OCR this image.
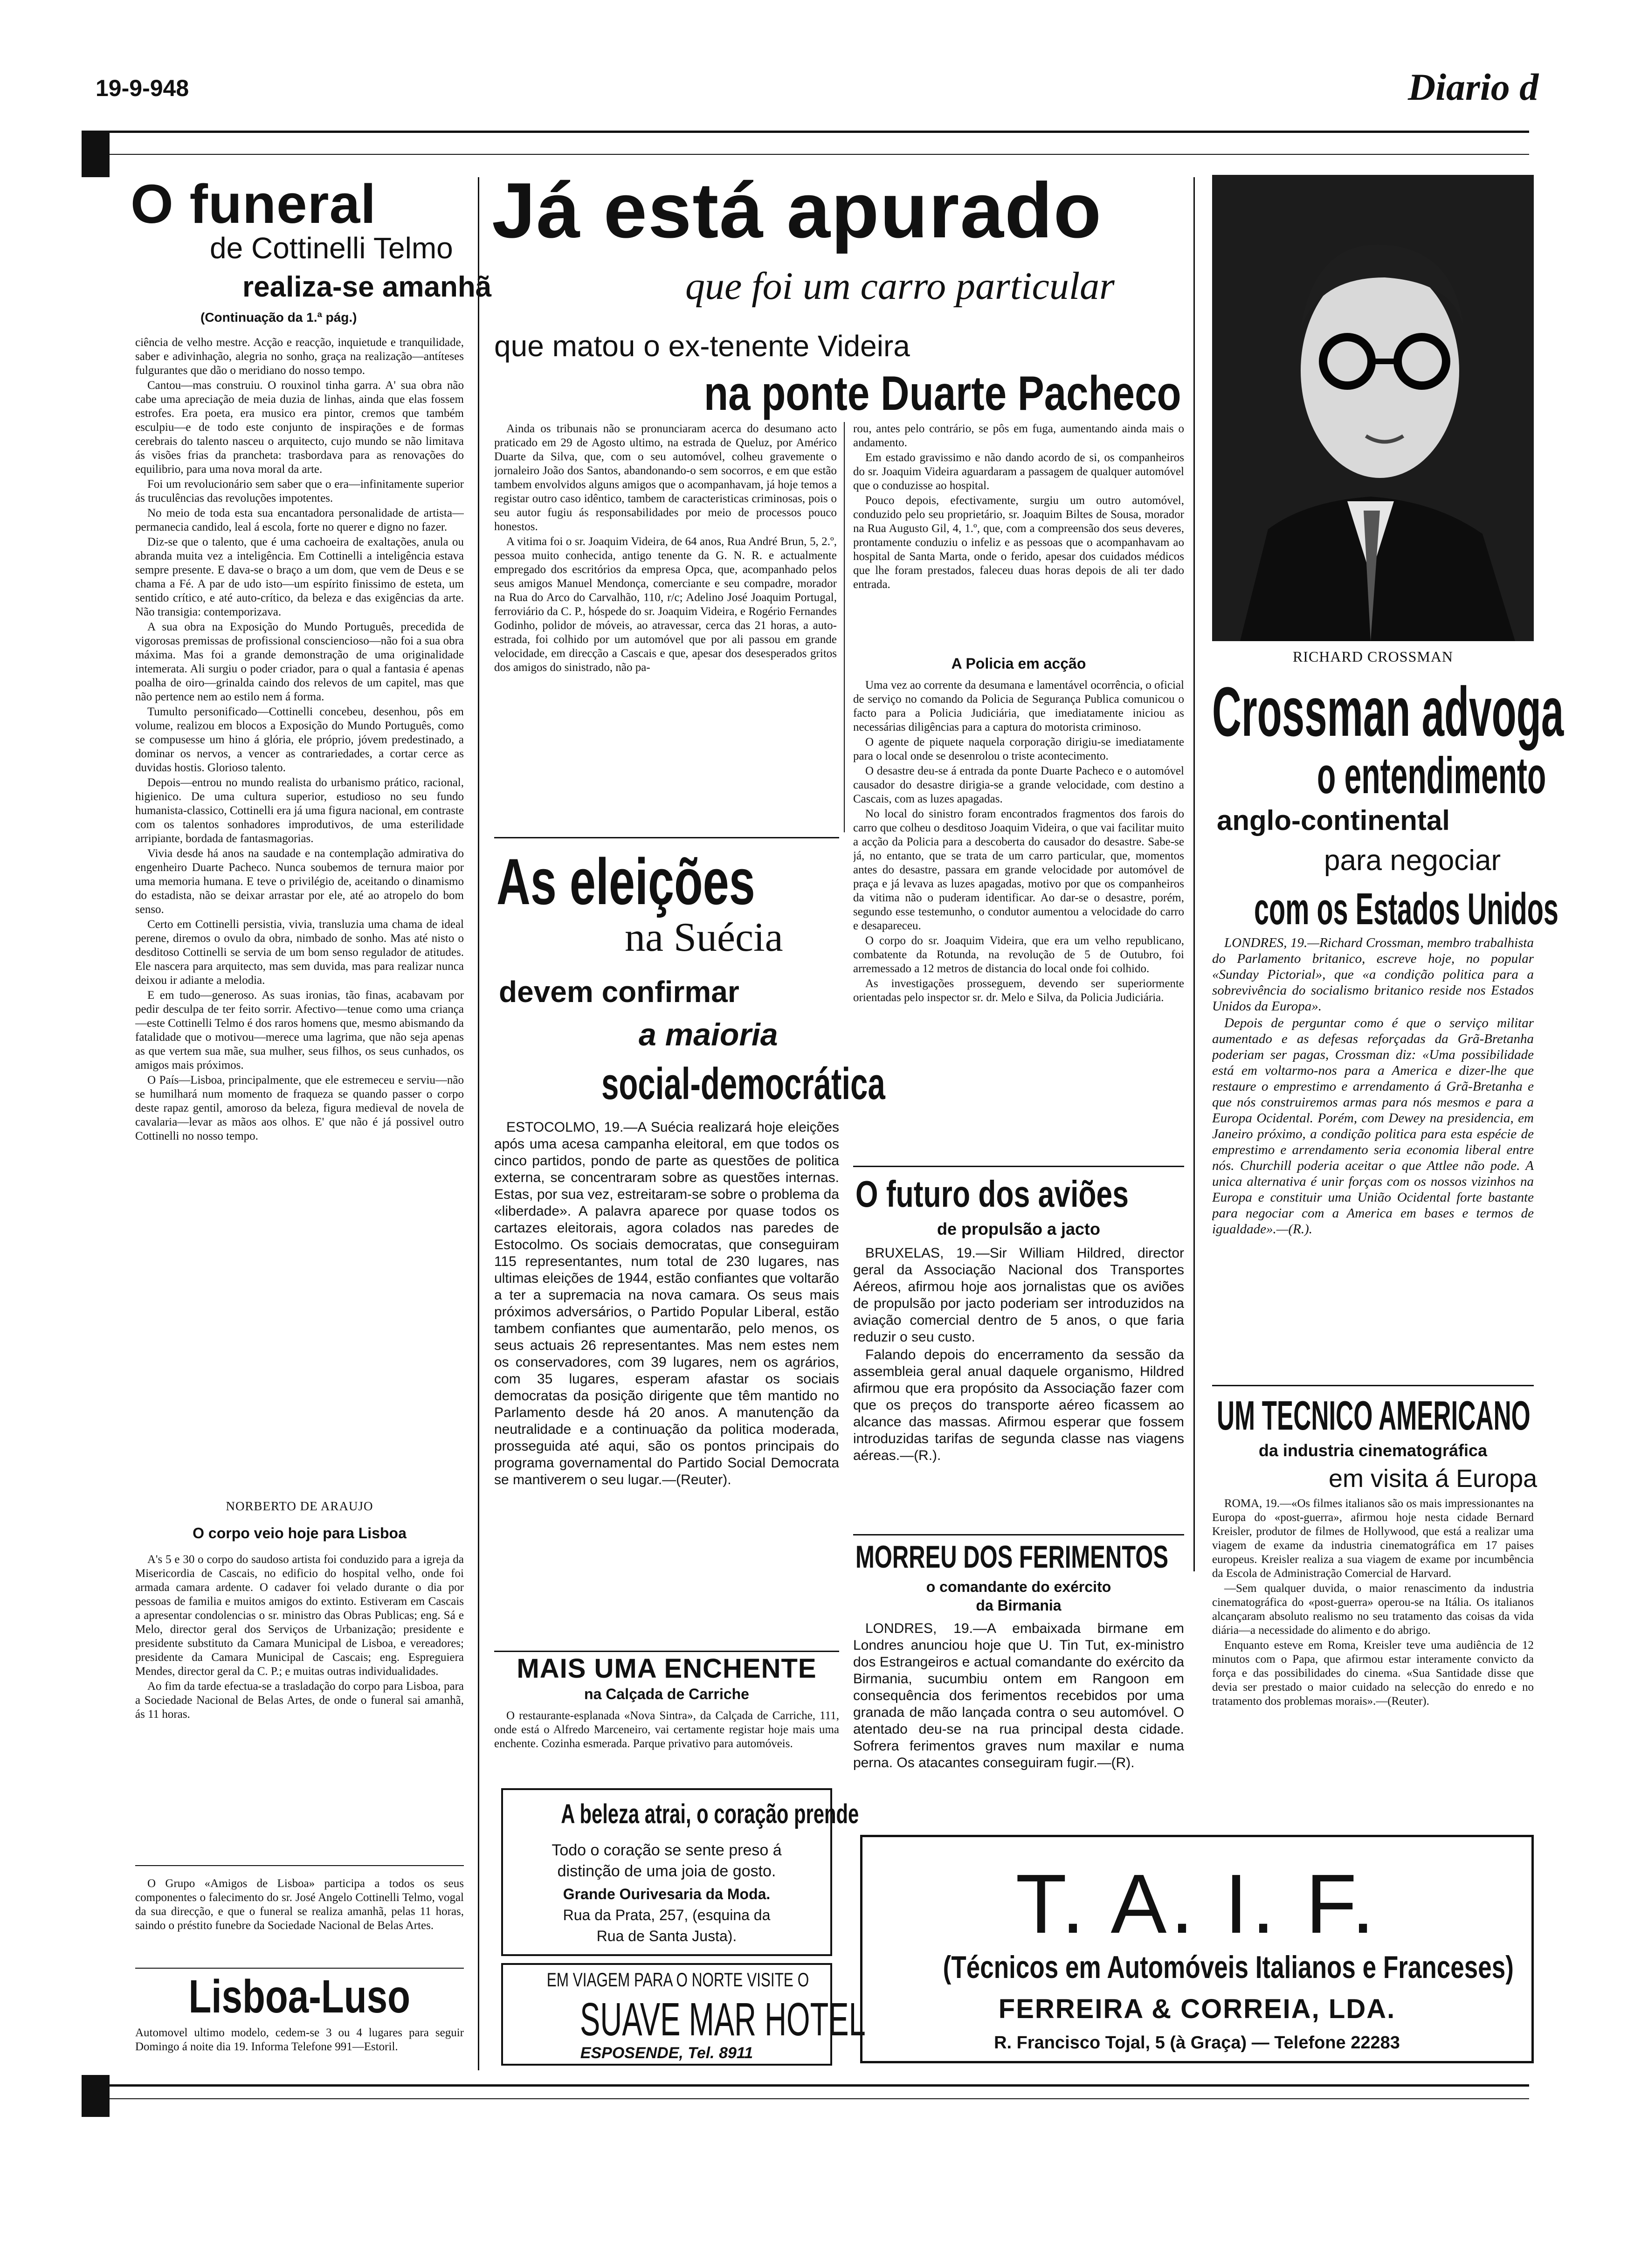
19-9-948	Diario d
O funeral
de Cottinelli Telmo
realiza-se amanhã
(Continuação da 1.ª pág.)

ciência de velho mestre. Acção e reacção, inquietude e tranquilidade, saber e adivinhação, alegria no sonho, graça na realização—antíteses fulgurantes que dão o meridiano do nosso tempo.

Cantou—mas construiu. O rouxinol tinha garra. A' sua obra não cabe uma apreciação de meia duzia de linhas, ainda que elas fossem estrofes. Era poeta, era musico era pintor, cremos que também esculpiu—e de todo este conjunto de inspirações e de formas cerebrais do talento nasceu o arquitecto, cujo mundo se não limitava ás visões frias da prancheta: trasbordava para as renovações do equilibrio, para uma nova moral da arte.

Foi um revolucionário sem saber que o era—infinitamente superior ás truculências das revoluções impotentes.

No meio de toda esta sua encantadora personalidade de artista—permanecia candido, leal á escola, forte no querer e digno no fazer.

Diz-se que o talento, que é uma cachoeira de exaltações, anula ou abranda muita vez a inteligência. Em Cottinelli a inteligência estava sempre presente. E dava-se o braço a um dom, que vem de Deus e se chama a Fé. A par de udo isto—um espírito finissimo de esteta, um sentido crítico, e até auto-crítico, da beleza e das exigências da arte. Não transigia: contemporizava.

A sua obra na Exposição do Mundo Português, precedida de vigorosas premissas de profissional conscienciosо—não foi a sua obra máxima. Mas foi a grande demonstração de uma originalidade intemerata. Ali surgiu o poder criador, para o qual a fantasia é apenas poalha de oiro—grinalda caindo dos relevos de um capitel, mas que não pertence nem ao estilo nem á forma.

Tumulto personificado—Cottinelli concebeu, desenhou, pôs em volume, realizou em blocos a Exposição do Mundo Português, como se compusesse um hino á glória, ele próprio, jóvem predestinado, a dominar os nervos, a vencer as contrariedades, a cortar cerce as duvidas hostis. Glorioso talento.

Depois—entrou no mundo realista do urbanismo prático, racional, higienico. De uma cultura superior, estudioso no seu fundo humanista-classico, Cottinelli era já uma figura nacional, em contraste com os talentos sonhadores improdutivos, de uma esterilidade arripiante, bordada de fantasmagorias.

Vivia desde há anos na saudade e na contemplação admirativa do engenheiro Duarte Pacheco. Nunca soubemos de ternura maior por uma memoria humana. E teve o privilégio de, aceitando o dinamismo do estadista, não se deixar arrastar por ele, até ao atropelo do bom senso.

Certo em Cottinelli persistia, vivia, transluzia uma chama de ideal perene, diremos o ovulo da obra, nimbado de sonho. Mas até nisto o desditoso Cottinelli se servia de um bom senso regulador de atitudes. Ele nascera para arquitecto, mas sem duvida, mas para realizar nunca deixou ir adiante a melodia.

E em tudo—generoso. As suas ironias, tão finas, acabavam por pedir desculpa de ter feito sorrir. Afectivo—tenue como uma criança—este Cottinelli Telmo é dos raros homens que, mesmo abismando da fatalidade que o motivou—merece uma lagrima, que não seja apenas as que vertem sua mãe, sua mulher, seus filhos, os seus cunhados, os amigos mais próximos.

O País—Lisboa, principalmente, que ele estremeceu e serviu—não se humilhará num momento de fraqueza se quando passer o corpo deste rapaz gentil, amoroso da beleza, figura medieval de novela de cavalaria—levar as mãos aos olhos. E' que não é já possivel outro Cottinelli no nosso tempo.

NORBERTO DE ARAUJO
O corpo veio hoje para Lisboa

A's 5 e 30 o corpo do saudoso artista foi conduzido para a igreja da Misericordia de Cascais, no edificio do hospital velho, onde foi armada camara ardente. O cadaver foi velado durante o dia por pessoas de familia e muitos amigos do extinto. Estiveram em Cascais a apresentar condolencias o sr. ministro das Obras Publicas; eng. Sá e Melo, director geral dos Serviços de Urbanização; presidente e presidente substituto da Camara Municipal de Lisboa, e vereadores; presidente da Camara Municipal de Cascais; eng. Espreguiera Mendes, director geral da C. P.; e muitas outras individualidades.

Ao fim da tarde efectua-se a trasladação do corpo para Lisboa, para a Sociedade Nacional de Belas Artes, de onde o funeral sai amanhã, ás 11 horas.

O Grupo «Amigos de Lisboa» participa a todos os seus componentes o falecimento do sr. José Angelo Cottinelli Telmo, vogal da sua direcção, e que o funeral se realiza amanhã, pelas 11 horas, saindo o préstito funebre da Sociedade Nacional de Belas Artes.

Lisboa-Luso
Automovel ultimo modelo, cedem-se 3 ou 4 lugares para seguir Domingo á noite dia 19. Informa Telefone 991—Estoril.
Já está apurado
que foi um carro particular
que matou o ex-tenente Videira
na ponte Duarte Pacheco

Ainda os tribunais não se pronunciaram acerca do desumano acto praticado em 29 de Agosto ultimo, na estrada de Queluz, por Américo Duarte da Silva, que, com o seu automóvel, colheu gravemente o jornaleiro João dos Santos, abandonando-o sem socorros, e em que estão tambem envolvidos alguns amigos que o acompanhavam, já hoje temos a registar outro caso idêntico, tambem de caracteristicas criminosas, pois o seu autor fugiu ás responsabilidades por meio de processos pouco honestos.

A vitima foi o sr. Joaquim Videira, de 64 anos, Rua André Brun, 5, 2.º, pessoa muito conhecida, antigo tenente da G. N. R. e actualmente empregado dos escritórios da empresa Opca, que, acompanhado pelos seus amigos Manuel Mendonça, comerciante e seu compadre, morador na Rua do Arco do Carvalhão, 110, r/c; Adelino José Joaquim Portugal, ferroviário da C. P., hóspede do sr. Joaquim Videira, e Rogério Fernandes Godinho, polidor de móveis, ao atravessar, cerca das 21 horas, a auto-estrada, foi colhido por um automóvel que por ali passou em grande velocidade, em direcção a Cascais e que, apesar dos desesperados gritos dos amigos do sinistrado, não pa-

rou, antes pelo contrário, se pôs em fuga, aumentando ainda mais o andamento.

Em estado gravissimo e não dando acordo de si, os companheiros do sr. Joaquim Videira aguardaram a passagem de qualquer automóvel que o conduzisse ao hospital.

Pouco depois, efectivamente, surgiu um outro automóvel, conduzido pelo seu proprietário, sr. Joaquim Biltes de Sousa, morador na Rua Augusto Gil, 4, 1.º, que, com a compreensão dos seus deveres, prontamente conduziu o infeliz e as pessoas que o acompanhavam ao hospital de Santa Marta, onde o ferido, apesar dos cuidados médicos que lhe foram prestados, faleceu duas horas depois de ali ter dado entrada.

A Policia em acção

Uma vez ao corrente da desumana e lamentável ocorrência, o oficial de serviço no comando da Policia de Segurança Publica comunicou o facto para a Policia Judiciária, que imediatamente iniciou as necessárias diligências para a captura do motorista criminoso.

O agente de piquete naquela corporação dirigiu-se imediatamente para o local onde se desenrolou o triste acontecimento.

O desastre deu-se á entrada da ponte Duarte Pacheco e o automóvel causador do desastre dirigia-se a grande velocidade, com destino a Cascais, com as luzes apagadas.

No local do sinistro foram encontrados fragmentos dos farois do carro que colheu o desditoso Joaquim Videira, o que vai facilitar muito a acção da Policia para a descoberta do causador do desastre. Sabe-se já, no entanto, que se trata de um carro particular, que, momentos antes do desastre, passara em grande velocidade por automóvel de praça e já levava as luzes apagadas, motivo por que os companheiros da vitima não o puderam identificar. Ao dar-se o desastre, porém, segundo esse testemunho, o condutor aumentou a velocidade do carro e desaparecеu.

O corpo do sr. Joaquim Videira, que era um velho republicano, combatente da Rotunda, na revolução de 5 de Outubro, foi arremessado a 12 metros de distancia do local onde foi colhido.

As investigações prosseguem, devendo ser superiormente orientadas pelo inspector sr. dr. Melo e Silva, da Policia Judiciária.

As eleições
na Suécia
devem confirmar
a maioria
social-democrática

ESTOCOLMO, 19.—A Suécia realizará hoje eleições após uma acesa campanha eleitoral, em que todos os cinco partidos, pondo de parte as questões de politica externa, se concentraram sobre as questões internas. Estas, por sua vez, estreitaram-se sobre o problema da «liberdade». A palavra aparece por quase todos os cartazes eleitorais, agora colados nas paredes de Estocolmo. Os sociais democratas, que conseguiram 115 representantes, num total de 230 lugares, nas ultimas eleições de 1944, estão confiantes que voltarão a ter a supremacia na nova camara. Os seus mais próximos adversários, o Partido Popular Liberal, estão tambem confiantes que aumentarão, pelo menos, os seus actuais 26 representantes. Mas nem estes nem os conservadores, com 39 lugares, nem os agrários, com 35 lugares, esperam afastar os sociais democratas da posição dirigente que têm mantido no Parlamento desde há 20 anos. A manutenção da neutralidade e a continuação da politica moderada, prosseguida até aqui, são os pontos principais do programa governamental do Partido Social Democrata se mantiverem o seu lugar.—(Reuter).

MAIS UMA ENCHENTE
na Calçada de Carriche

O restaurante-esplanada «Nova Sintra», da Calçada de Carriche, 111, onde está o Alfredo Marceneiro, vai certamente registar hoje mais uma enchente. Cozinha esmerada. Parque privativo para automóveis.

A beleza atrai, o coração prende
Todo o coração se sente preso á
distinção de uma joia de gosto.
Grande Ourivesaria da Moda.
Rua da Prata, 257, (esquina da
Rua de Santa Justa).
EM VIAGEM PARA O NORTE VISITE O
SUAVE MAR HOTEL
ESPOSENDE, Tel. 8911
O futuro dos aviões
de propulsão a jacto

BRUXELAS, 19.—Sir William Hildred, director geral da Associação Nacional dos Transportes Aéreos, afirmou hoje aos jornalistas que os aviões de propulsão por jacto poderiam ser introduzidos na aviação comercial dentro de 5 anos, o que faria reduzir o seu custo.

Falando depois do encerramento da sessão da assembleia geral anual daquele organismo, Hildred afirmou que era propósito da Associação fazer com que os preços do transporte aéreo ficassem ao alcance das massas. Afirmou esperar que fossem introduzidas tarifas de segunda classe nas viagens aéreas.—(R.).

MORREU DOS FERIMENTOS
o comandante do exército
da Birmania

LONDRES, 19.—A embaixada birmane em Londres anunciou hoje que U. Tin Tut, ex-ministro dos Estrangeiros e actual comandante do exército da Birmania, sucumbiu ontem em Rangoon em consequência dos ferimentos recebidos por uma granada de mão lançada contra o seu automóvel. O atentado deu-se na rua principal desta cidade. Sofrera ferimentos graves num maxilar e numa perna. Os atacantes conseguiram fugir.—(R).

RICHARD CROSSMAN
Crossman advoga
o entendimento
anglo-continental
para negociar
com os Estados Unidos

LONDRES, 19.—Richard Crossman, membro trabalhista do Parlamento britanico, escreve hoje, no popular «Sunday Pictorial», que «a condição politica para a sobrevivência do socialismo britanico reside nos Estados Unidos da Europa».

Depois de perguntar como é que o serviço militar aumentado e as defesas reforçadas da Grã-Bretanha poderiam ser pagas, Crossman diz: «Uma possibilidade está em voltarmo-nos para a America e dizer-lhe que restaure o emprestimo e arrendamento á Grã-Bretanha e que nós construiremos armas para nós mesmos e para a Europa Ocidental. Porém, com Dewey na presidencia, em Janeiro próximo, a condição politica para esta espécie de emprestimo e arrendamento seria economia liberal entre nós. Churchill poderia aceitar o que Attlee não pode. A unica alternativa é unir forças com os nossos vizinhos na Europa e constituir uma União Ocidental forte bastante para negociar com a America em bases e termos de igualdade».—(R.).

UM TECNICO AMERICANO
da industria cinematográfica
em visita á Europa

ROMA, 19.—«Os filmes italianos são os mais impressionantes na Europa do «post-guerra», afirmou hoje nesta cidade Bernard Kreisler, produtor de filmes de Hollywood, que está a realizar uma viagem de exame da industria cinematográfica em 17 paises europeus. Kreisler realiza a sua viagem de exame por incumbência da Escola de Administração Comercial de Harvard.

—Sem qualquer duvida, o maior renascimento da industria cinematográfica do «post-guerra» operou-se na Itália. Os italianos alcançaram absoluto realismo no seu tratamento das coisas da vida diária—a necessidade do alimento e do abrigo.

Enquanto esteve em Roma, Kreisler teve uma audiência de 12 minutos com o Papa, que afirmou estar interamente convicto da força e das possibilidades do cinema. «Sua Santidade disse que devia ser prestado o maior cuidado na selecção do enredo e no tratamento dos problemas morais».—(Reuter).

T. A. I. F.
(Técnicos em Automóveis Italianos e Franceses)
FERREIRA & CORREIA, LDA.
R. Francisco Tojal, 5 (à Graça) — Telefone 22283
